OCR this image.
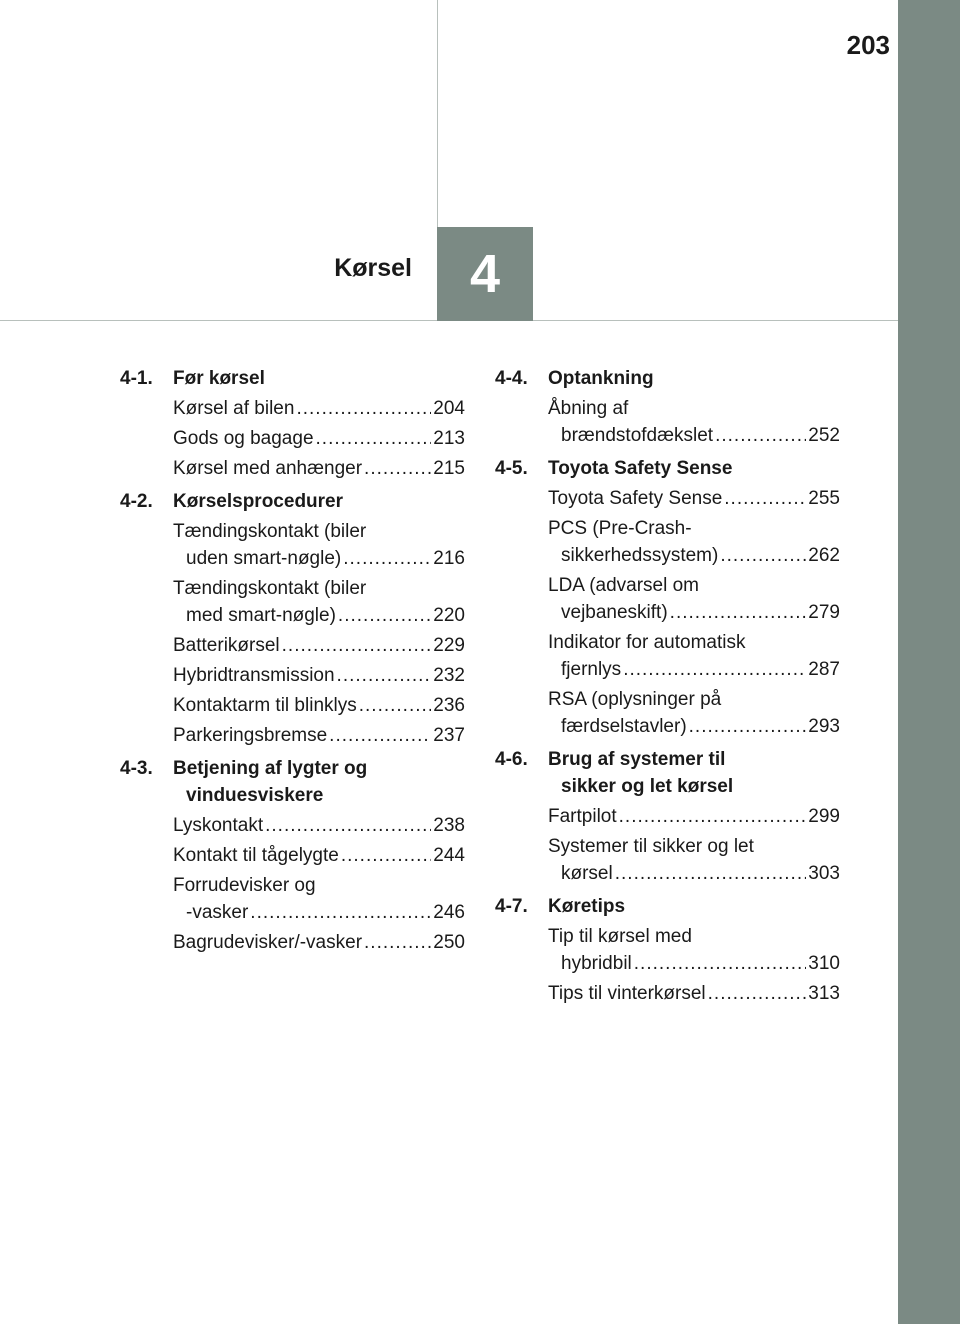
203
Kørsel 4
4-1.	Før kørsel
Kørsel af bilen .....	204
Gods og bagage .....	213
Kørsel med anhænger .....	215
4-2.	Kørselsprocedurer
Tændingskontakt (biler
uden smart-nøgle) .....	216
Tændingskontakt (biler
med smart-nøgle) .....	220
Batterikørsel .....	229
Hybridtransmission .....	232
Kontaktarm til blinklys .....	236
Parkeringsbremse .....	237
4-3.	Betjening af lygter og
vinduesviskere
Lyskontakt .....	238
Kontakt til tågelygte .....	244
Forrudevisker og
-vasker .....	246
Bagrudevisker/-vasker .....	250
4-4.	Optankning
Åbning af
brændstofdækslet .....	252
4-5.	Toyota Safety Sense
Toyota Safety Sense .....	255
PCS (Pre-Crash-
sikkerhedssystem) .....	262
LDA (advarsel om
vejbaneskift) .....	279
Indikator for automatisk
fjernlys .....	287
RSA (oplysninger på
færdselstavler) .....	293
4-6.	Brug af systemer til
sikker og let kørsel
Fartpilot .....	299
Systemer til sikker og let
kørsel .....	303
4-7.	Køretips
Tip til kørsel med
hybridbil .....	310
Tips til vinterkørsel .....	313
